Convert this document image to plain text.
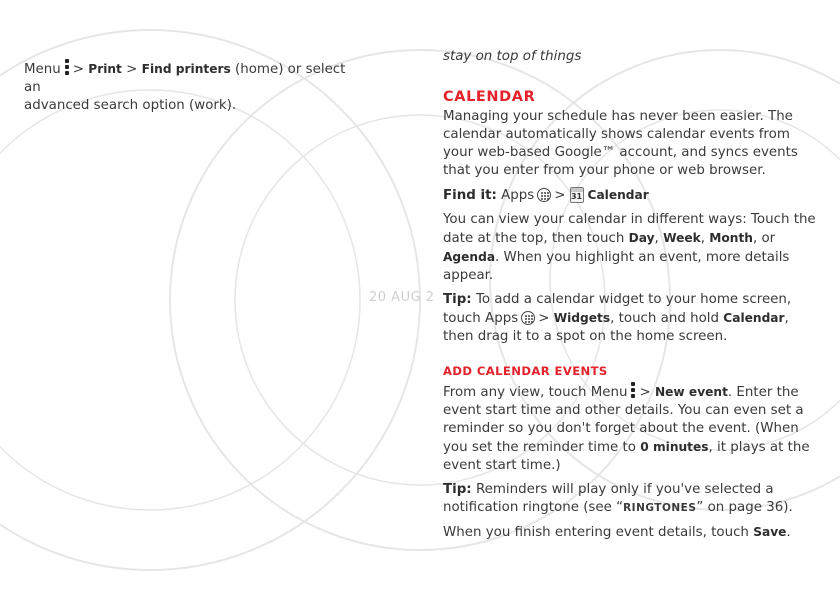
20 AUG 2

Menu > Print > Find printers (home) or select an
advanced search option (work).

stay on top of things

CALENDAR

Managing your schedule has never been easier. The calendar automatically shows calendar events from your web-based Google™ account, and syncs events that you enter from your phone or web browser.

Find it: Apps > 31 Calendar

You can view your calendar in different ways: Touch the date at the top, then touch Day, Week, Month, or Agenda. When you highlight an event, more details appear.

Tip: To add a calendar widget to your home screen, touch Apps > Widgets, touch and hold Calendar, then drag it to a spot on the home screen.

ADD CALENDAR EVENTS

From any view, touch Menu > New event. Enter the event start time and other details. You can even set a reminder so you don't forget about the event. (When you set the reminder time to 0 minutes, it plays at the event start time.)

Tip: Reminders will play only if you've selected a notification ringtone (see “RINGTONES” on page 36).

When you finish entering event details, touch Save.
